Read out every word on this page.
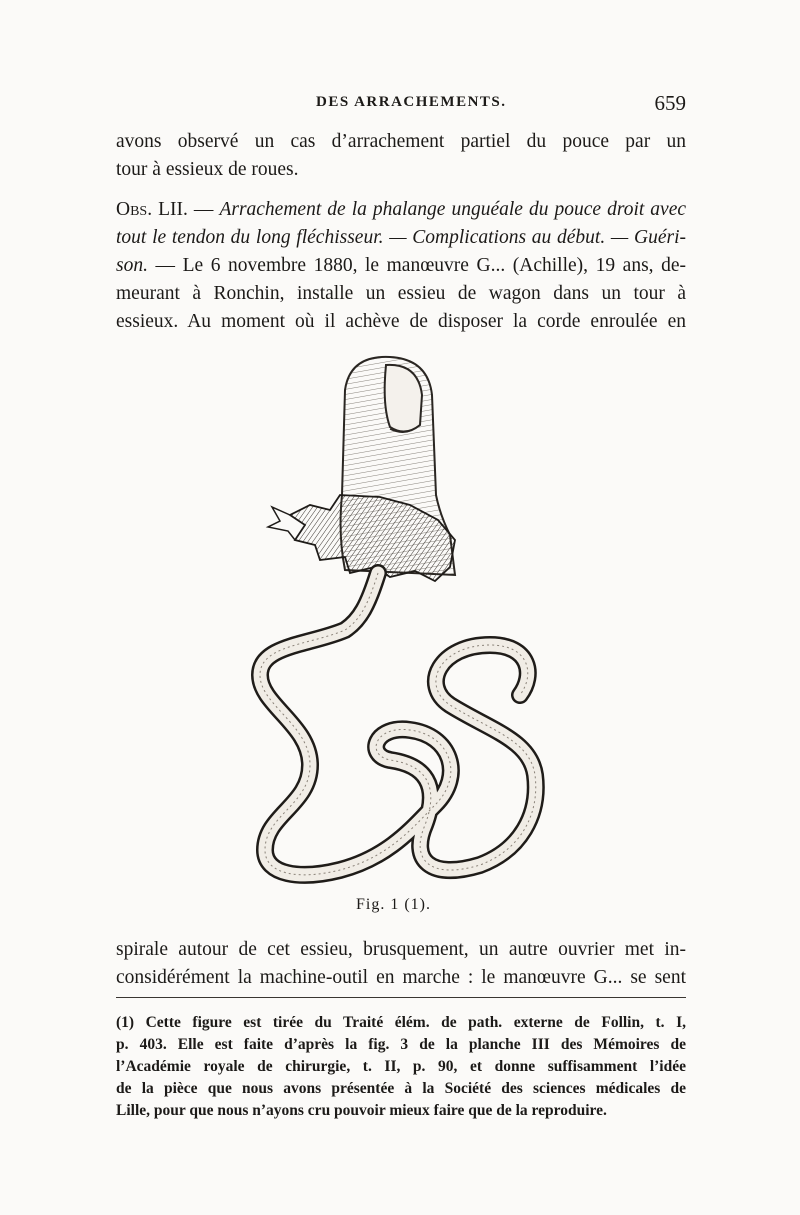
DES ARRACHEMENTS.	659
avons observé un cas d’arrachement partiel du pouce par un
tour à essieux de roues.
Obs. LII. — Arrachement de la phalange unguéale du pouce droit avec
tout le tendon du long fléchisseur. — Complications au début. — Guéri-
son. — Le 6 novembre 1880, le manœuvre G... (Achille), 19 ans, de-
meurant à Ronchin, installe un essieu de wagon dans un tour à
essieux. Au moment où il achève de disposer la corde enroulée en
Fig. 1 (1).
spirale autour de cet essieu, brusquement, un autre ouvrier met in-
considérément la machine-outil en marche : le manœuvre G... se sent
(1) Cette figure est tirée du Traité élém. de path. externe de Follin, t. I,
p. 403. Elle est faite d’après la fig. 3 de la planche III des Mémoires de
l’Académie royale de chirurgie, t. II, p. 90, et donne suffisamment l’idée
de la pièce que nous avons présentée à la Société des sciences médicales de
Lille, pour que nous n’ayons cru pouvoir mieux faire que de la reproduire.
